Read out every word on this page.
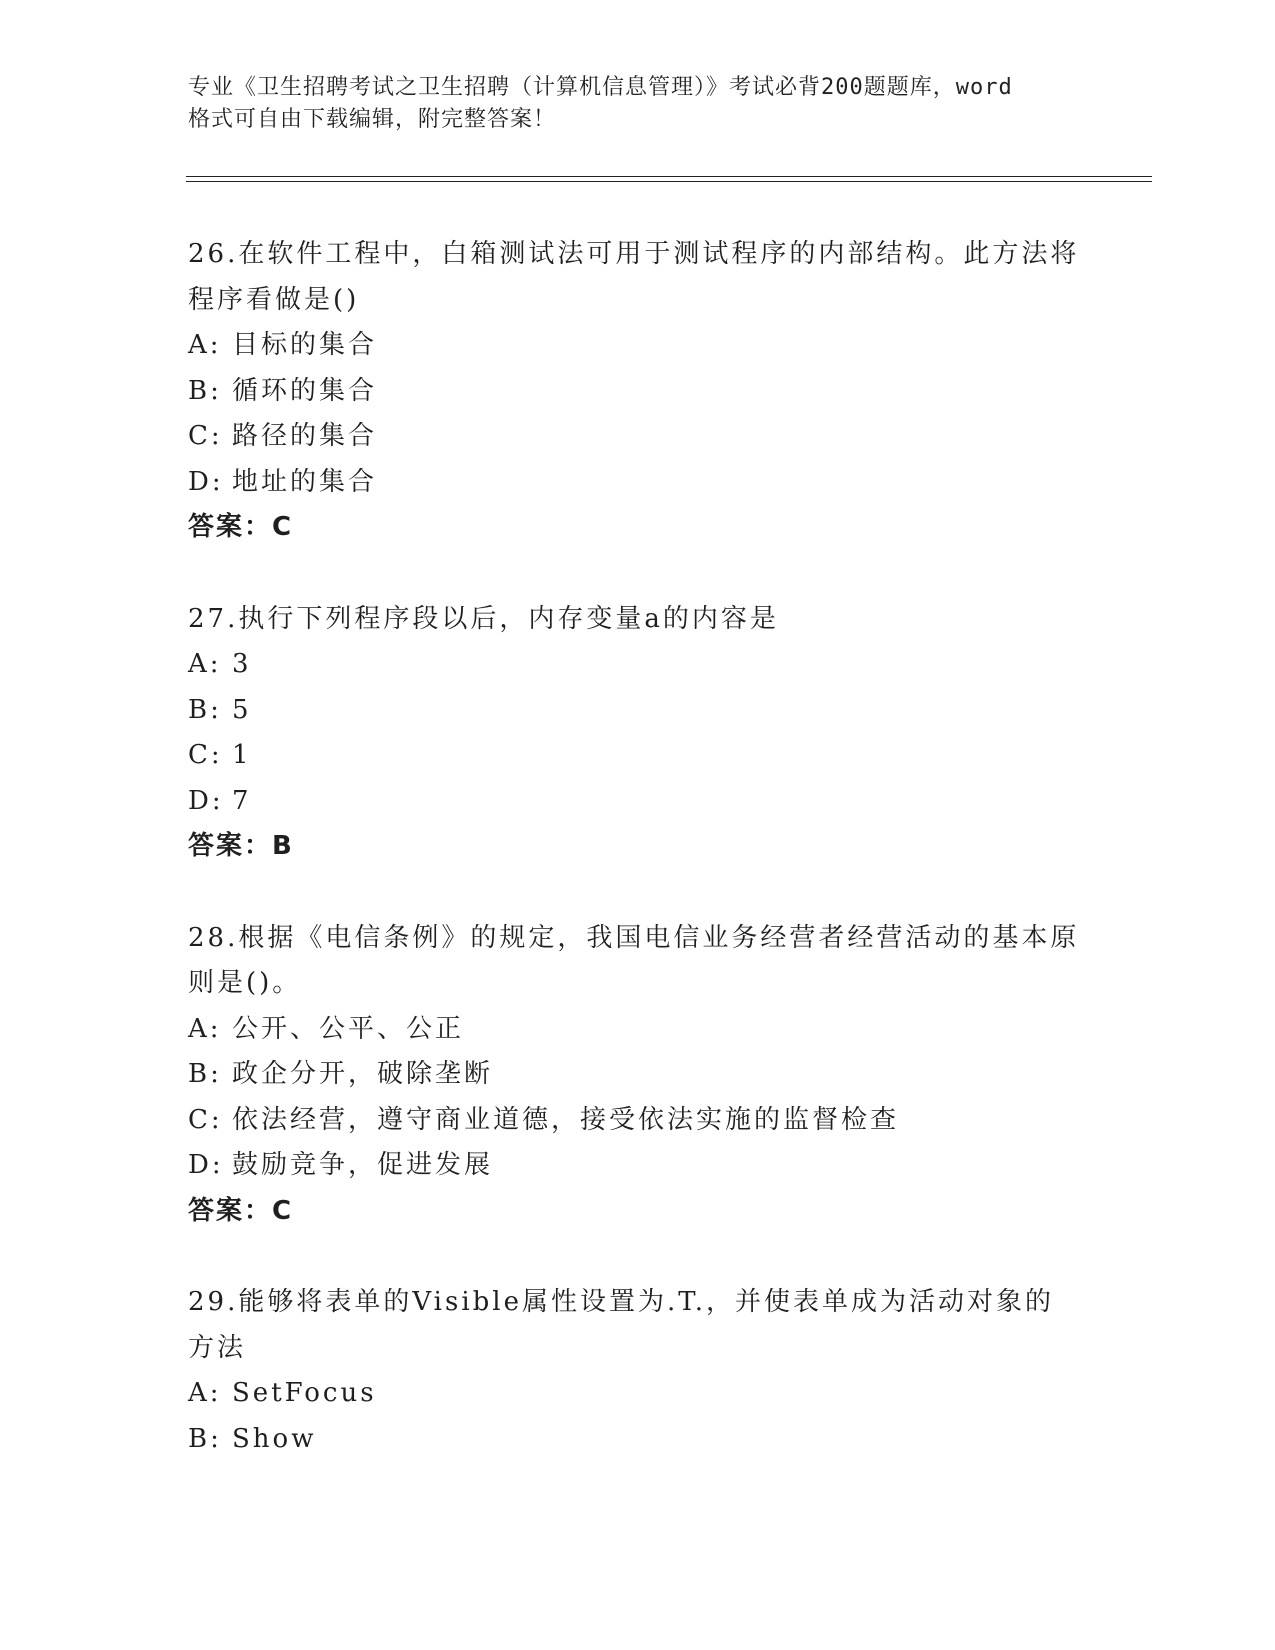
专业《卫生招聘考试之卫生招聘（计算机信息管理）》考试必背200题题库，word
格式可自由下载编辑，附完整答案！

26.在软件工程中，白箱测试法可用于测试程序的内部结构。此方法将
程序看做是()

A: 目标的集合

B: 循环的集合

C: 路径的集合

D: 地址的集合

答案：C

27.执行下列程序段以后，内存变量a的内容是

A: 3

B: 5

C: 1

D: 7

答案：B

28.根据《电信条例》的规定，我国电信业务经营者经营活动的基本原
则是()。

A: 公开、公平、公正

B: 政企分开，破除垄断

C: 依法经营，遵守商业道德，接受依法实施的监督检查

D: 鼓励竞争，促进发展

答案：C

29.能够将表单的Visible属性设置为.T.，并使表单成为活动对象的
方法

A: SetFocus

B: Show
